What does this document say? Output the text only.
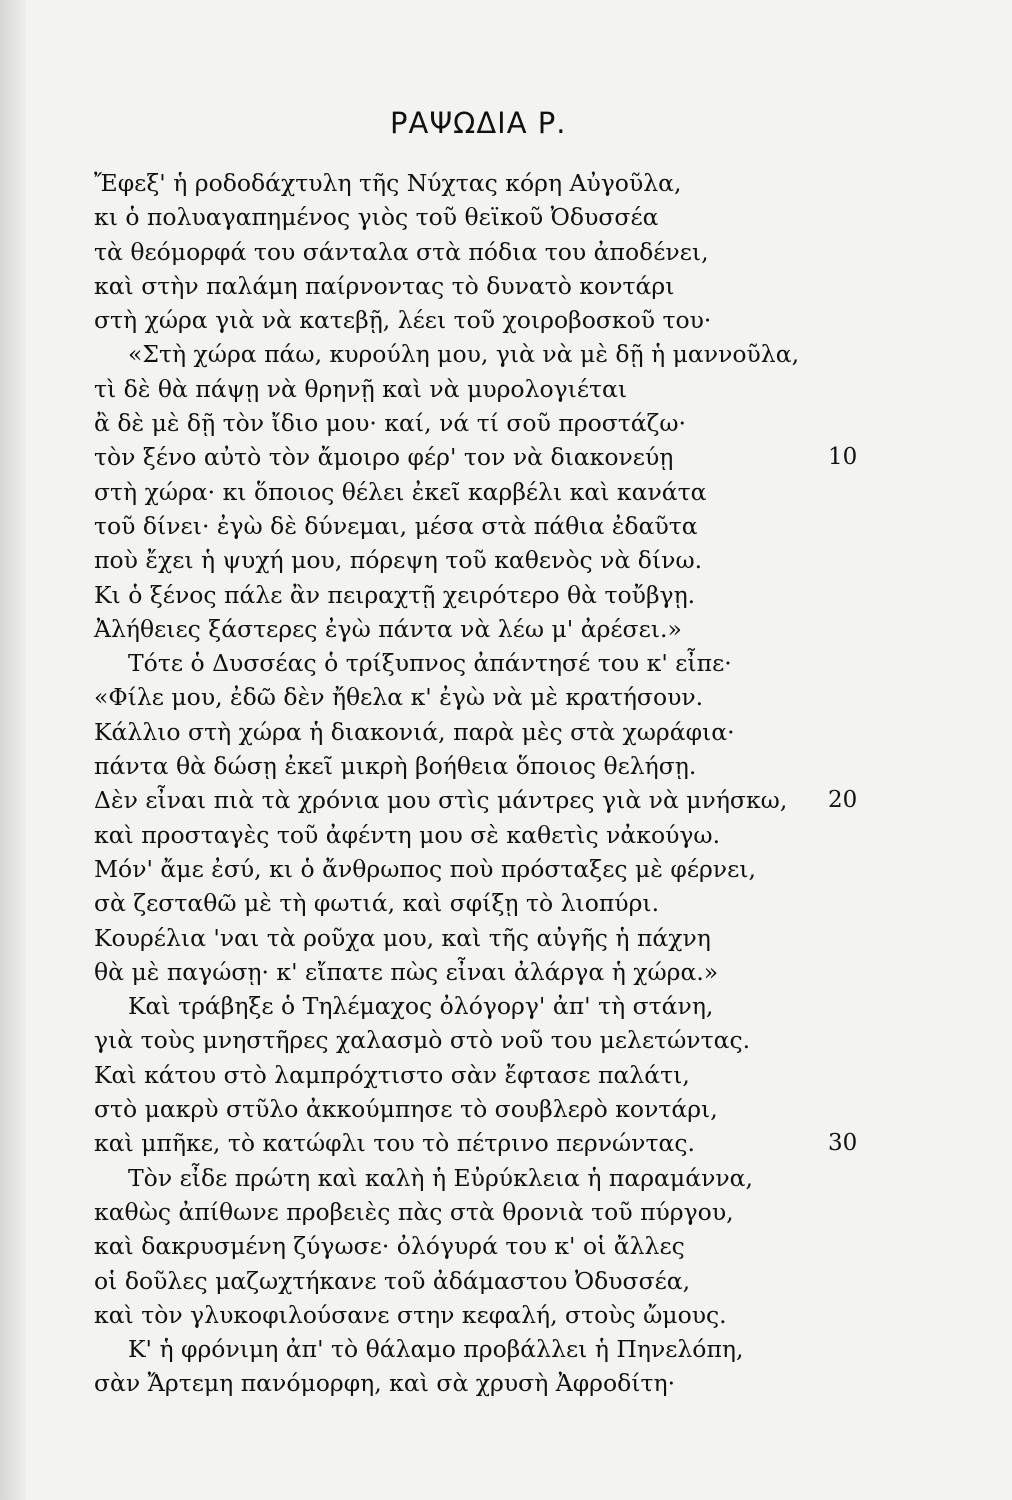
ΡΑΨΩΔΙΑ Ρ.
Ἔφεξ' ἡ ροδοδάχτυλη τῆς Νύχτας κόρη Αὐγοῦλα,
κι ὁ πολυαγαπημένος γιὸς τοῦ θεϊκοῦ Ὀδυσσέα
τὰ θεόμορφά του σάνταλα στὰ πόδια του ἀποδένει,
καὶ στὴν παλάμη παίρνοντας τὸ δυνατὸ κοντάρι
στὴ χώρα γιὰ νὰ κατεβῇ, λέει τοῦ χοιροβοσκοῦ του·
«Στὴ χώρα πάω, κυρούλη μου, γιὰ νὰ μὲ δῇ ἡ μαννοῦλα,
τὶ δὲ θὰ πάψῃ νὰ θρηνῇ καὶ νὰ μυρολογιέται
ἂ δὲ μὲ δῇ τὸν ἴδιο μου· καί, νά τί σοῦ προστάζω·
τὸν ξένο αὐτὸ τὸν ἄμοιρο φέρ' τον νὰ διακονεύῃ	10
στὴ χώρα· κι ὅποιος θέλει ἐκεῖ καρβέλι καὶ κανάτα
τοῦ δίνει· ἐγὼ δὲ δύνεμαι, μέσα στὰ πάθια ἐδαῦτα
ποὺ ἔχει ἡ ψυχή μου, πόρεψη τοῦ καθενὸς νὰ δίνω.
Κι ὁ ξένος πάλε ἂν πειραχτῇ χειρότερο θὰ τοὔβγῃ.
Ἀλήθειες ξάστερες ἐγὼ πάντα νὰ λέω μ' ἀρέσει.»
Τότε ὁ Δυσσέας ὁ τρίξυπνος ἀπάντησέ του κ' εἶπε·
«Φίλε μου, ἐδῶ δὲν ἤθελα κ' ἐγὼ νὰ μὲ κρατήσουν.
Κάλλιο στὴ χώρα ἡ διακονιά, παρὰ μὲς στὰ χωράφια·
πάντα θὰ δώσῃ ἐκεῖ μικρὴ βοήθεια ὅποιος θελήσῃ.
Δὲν εἶναι πιὰ τὰ χρόνια μου στὶς μάντρες γιὰ νὰ μνήσκω, 20
καὶ προσταγὲς τοῦ ἀφέντη μου σὲ καθετὶς νἀκούγω.
Μόν' ἄμε ἐσύ, κι ὁ ἄνθρωπος ποὺ πρόσταξες μὲ φέρνει,
σὰ ζεσταθῶ μὲ τὴ φωτιά, καὶ σφίξῃ τὸ λιοπύρι.
Κουρέλια 'ναι τὰ ροῦχα μου, καὶ τῆς αὐγῆς ἡ πάχνη
θὰ μὲ παγώσῃ· κ' εἴπατε πὼς εἶναι ἀλάργα ἡ χώρα.»
Καὶ τράβηξε ὁ Τηλέμαχος ὀλόγοργ' ἀπ' τὴ στάνη,
γιὰ τοὺς μνηστῆρες χαλασμὸ στὸ νοῦ του μελετώντας.
Καὶ κάτου στὸ λαμπρόχτιστο σὰν ἔφτασε παλάτι,
στὸ μακρὺ στῦλο ἀκκούμπησε τὸ σουβλερὸ κοντάρι,
καὶ μπῆκε, τὸ κατώφλι του τὸ πέτρινο περνώντας.	30
Τὸν εἶδε πρώτη καὶ καλὴ ἡ Εὐρύκλεια ἡ παραμάννα,
καθὼς ἀπίθωνε προβειὲς πὰς στὰ θρονιὰ τοῦ πύργου,
καὶ δακρυσμένη ζύγωσε· ὀλόγυρά του κ' οἱ ἄλλες
οἱ δοῦλες μαζωχτήκανε τοῦ ἀδάμαστου Ὀδυσσέα,
καὶ τὸν γλυκοφιλούσανε στην κεφαλή, στοὺς ὤμους.
Κ' ἡ φρόνιμη ἀπ' τὸ θάλαμο προβάλλει ἡ Πηνελόπη,
σὰν Ἄρτεμη πανόμορφη, καὶ σὰ χρυσὴ Ἀφροδίτη·
